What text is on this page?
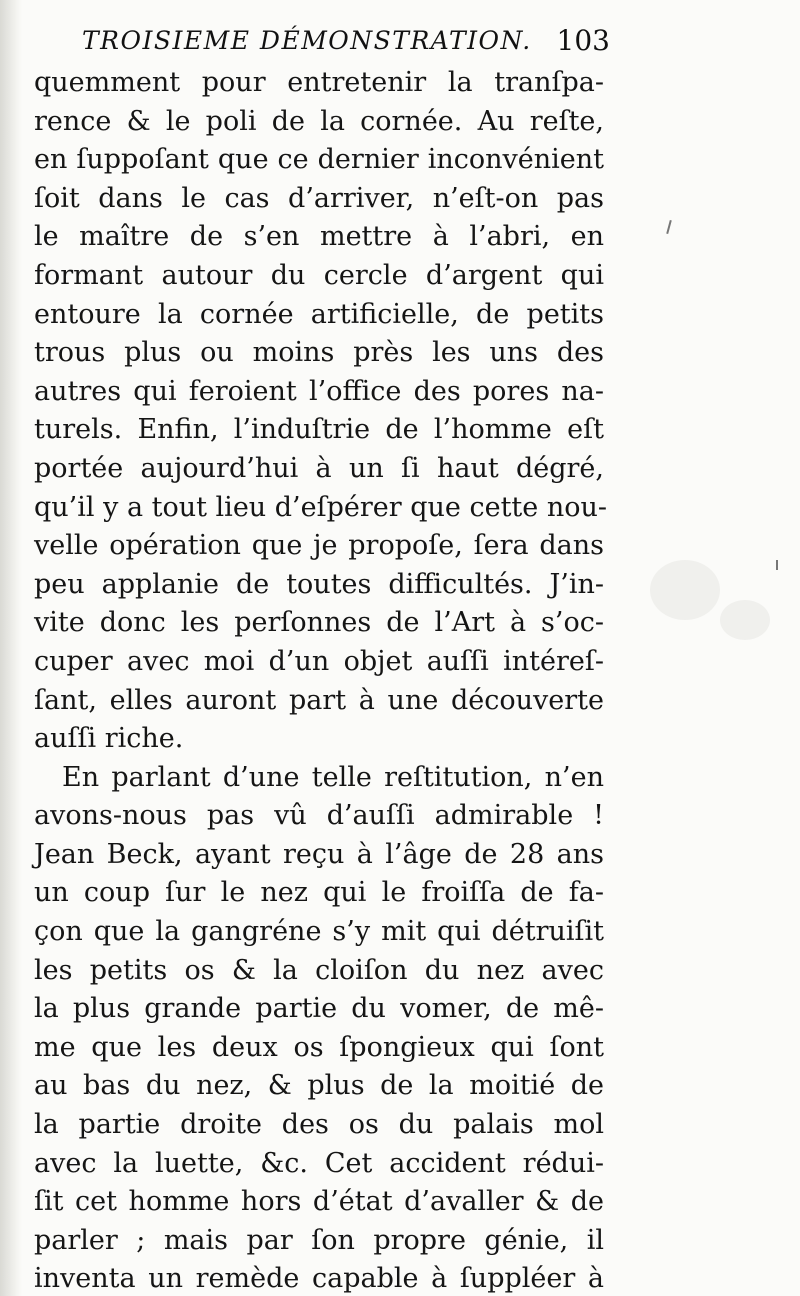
TROISIEME DÉMONSTRATION. 103
quemment pour entretenir la tranſpa-
rence & le poli de la cornée. Au reſte,
en ſuppoſant que ce dernier inconvénient
ſoit dans le cas d’arriver, n’eſt-on pas
le maître de s’en mettre à l’abri, en
formant autour du cercle d’argent qui
entoure la cornée artificielle, de petits
trous plus ou moins près les uns des
autres qui feroient l’office des pores na-
turels. Enfin, l’induſtrie de l’homme eſt
portée aujourd’hui à un ſi haut dégré,
qu’il y a tout lieu d’eſpérer que cette nou-
velle opération que je propoſe, ſera dans
peu applanie de toutes difficultés. J’in-
vite donc les perſonnes de l’Art à s’oc-
cuper avec moi d’un objet auſſi intéreſ-
ſant, elles auront part à une découverte
auſſi riche.
En parlant d’une telle reſtitution, n’en
avons-nous pas vû d’auſſi admirable !
Jean Beck, ayant reçu à l’âge de 28 ans
un coup ſur le nez qui le froiſſa de fa-
çon que la gangréne s’y mit qui détruiſit
les petits os & la cloiſon du nez avec
la plus grande partie du vomer, de mê-
me que les deux os ſpongieux qui ſont
au bas du nez, & plus de la moitié de
la partie droite des os du palais mol
avec la luette, &c. Cet accident rédui-
ſit cet homme hors d’état d’avaller & de
parler ; mais par ſon propre génie, il
inventa un remède capable à ſuppléer à
